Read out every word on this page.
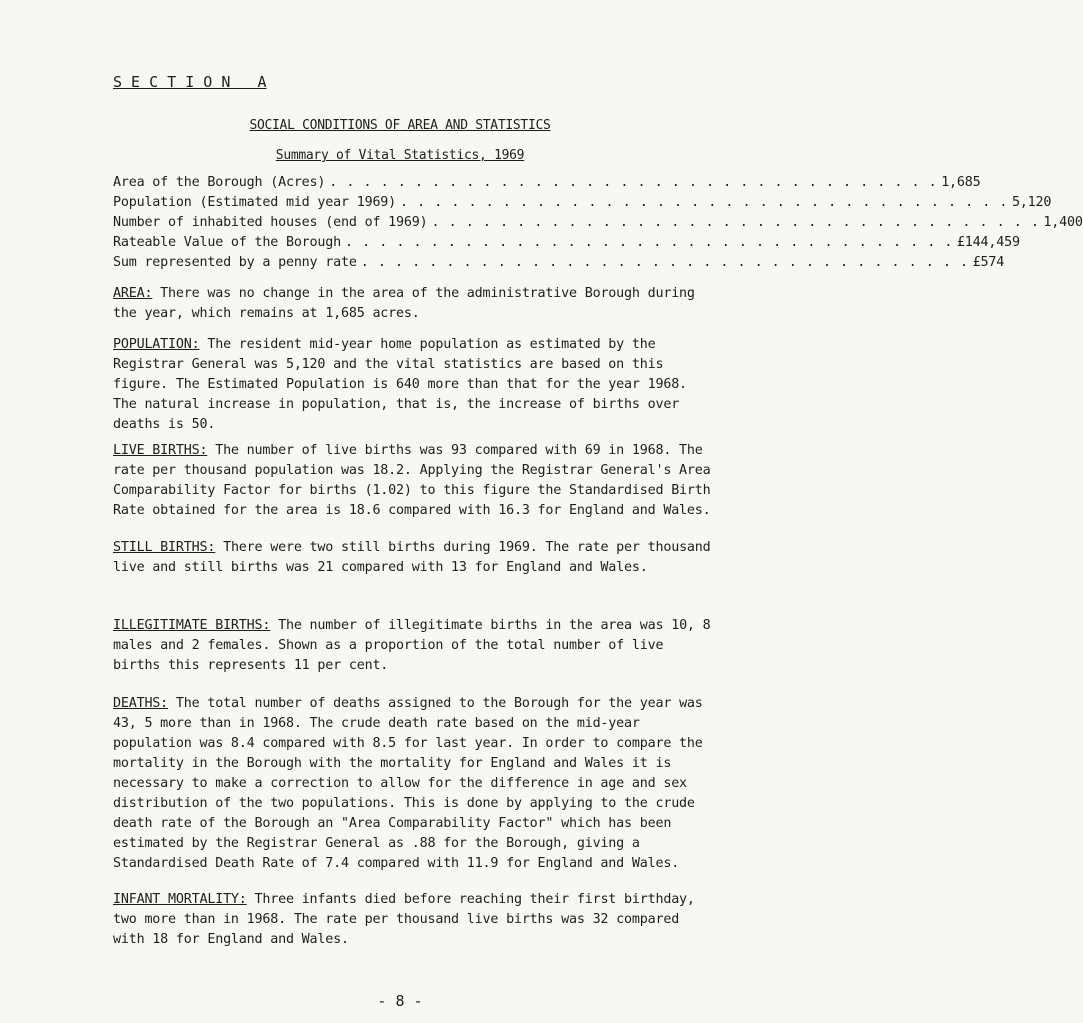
S E C T I O N   A
SOCIAL CONDITIONS OF AREA AND STATISTICS
Summary of Vital Statistics, 1969
Area of the Borough (Acres) . . . . . . . . . . . . . . . . . . . . . . . . . . . . . . . . . . . . 1,685
Population (Estimated mid year 1969) . . . . . . . . . . . . . . . . . . . . . . . . . . . . . . . . . . . . 5,120
Number of inhabited houses (end of 1969) . . . . . . . . . . . . . . . . . . . . . . . . . . . . . . . . . . . . 1,400
Rateable Value of the Borough . . . . . . . . . . . . . . . . . . . . . . . . . . . . . . . . . . . . £144,459
Sum represented by a penny rate . . . . . . . . . . . . . . . . . . . . . . . . . . . . . . . . . . . . £574

AREA: There was no change in the area of the administrative Borough during the year, which remains at 1,685 acres.

POPULATION: The resident mid-year home population as estimated by the Registrar General was 5,120 and the vital statistics are based on this figure. The Estimated Population is 640 more than that for the year 1968. The natural increase in population, that is, the increase of births over deaths is 50.

LIVE BIRTHS: The number of live births was 93 compared with 69 in 1968. The rate per thousand population was 18.2. Applying the Registrar General's Area Comparability Factor for births (1.02) to this figure the Standardised Birth Rate obtained for the area is 18.6 compared with 16.3 for England and Wales.

STILL BIRTHS: There were two still births during 1969. The rate per thousand live and still births was 21 compared with 13 for England and Wales.

ILLEGITIMATE BIRTHS: The number of illegitimate births in the area was 10, 8 males and 2 females. Shown as a proportion of the total number of live births this represents 11 per cent.

DEATHS: The total number of deaths assigned to the Borough for the year was 43, 5 more than in 1968. The crude death rate based on the mid-year population was 8.4 compared with 8.5 for last year. In order to compare the mortality in the Borough with the mortality for England and Wales it is necessary to make a correction to allow for the difference in age and sex distribution of the two populations. This is done by applying to the crude death rate of the Borough an "Area Comparability Factor" which has been estimated by the Registrar General as .88 for the Borough, giving a Standardised Death Rate of 7.4 compared with 11.9 for England and Wales.

INFANT MORTALITY: Three infants died before reaching their first birthday, two more than in 1968. The rate per thousand live births was 32 compared with 18 for England and Wales.

- 8 -
